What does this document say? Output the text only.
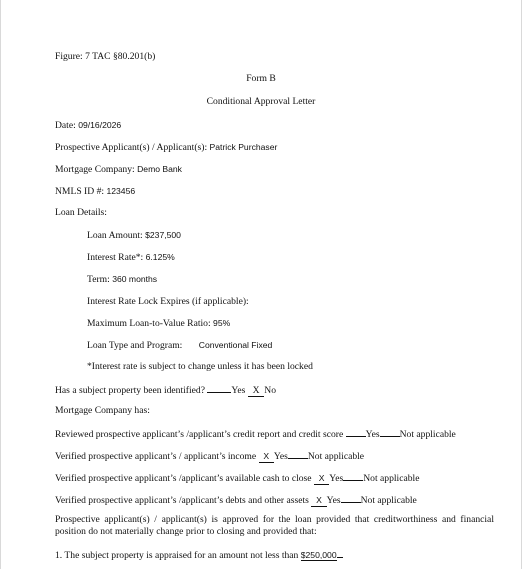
Figure: 7 TAC §80.201(b)
Form B
Conditional Approval Letter
Date: 09/16/2026
Prospective Applicant(s) / Applicant(s): Patrick Purchaser
Mortgage Company: Demo Bank
NMLS ID #: 123456
Loan Details:
Loan Amount: $237,500
Interest Rate*: 6.125%
Term: 360 months
Interest Rate Lock Expires (if applicable):
Maximum Loan-to-Value Ratio: 95%
Loan Type and Program: Conventional Fixed
*Interest rate is subject to change unless it has been locked
Has a subject property been identified?	Yes X No
Mortgage Company has:
Reviewed prospective applicant’s /applicant’s credit report and credit score Yes Not applicable
Verified prospective applicant’s / applicant’s income X Yes Not applicable
Verified prospective applicant’s /applicant’s available cash to close X Yes Not applicable
Verified prospective applicant’s /applicant’s debts and other assets X Yes Not applicable
Prospective applicant(s) / applicant(s) is approved for the loan provided that creditworthiness and financial position do not materially change prior to closing and provided that:
1. The subject property is appraised for an amount not less than $250,000
